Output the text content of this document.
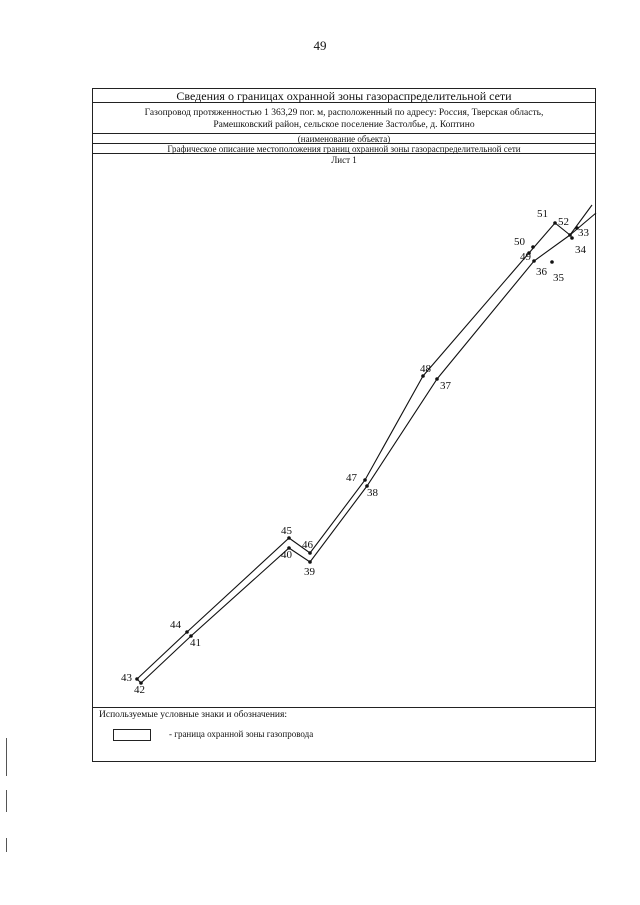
49
Сведения о границах охранной зоны газораспределительной сети
Газопровод протяженностью 1 363,29 пог. м, расположенный по адресу: Россия, Тверская область,
Рамешковский район, сельское поселение Застолбье, д. Коптино
(наименование объекта)
Графическое описание местоположения границ охранной зоны газораспределительной сети
Лист 1
Используемые условные знаки и обозначения:
- граница охранной зоны газопровода
42
43
41
44
40
45
39
46
38
47
37
48
36
49
35
50
51
52
33
34
